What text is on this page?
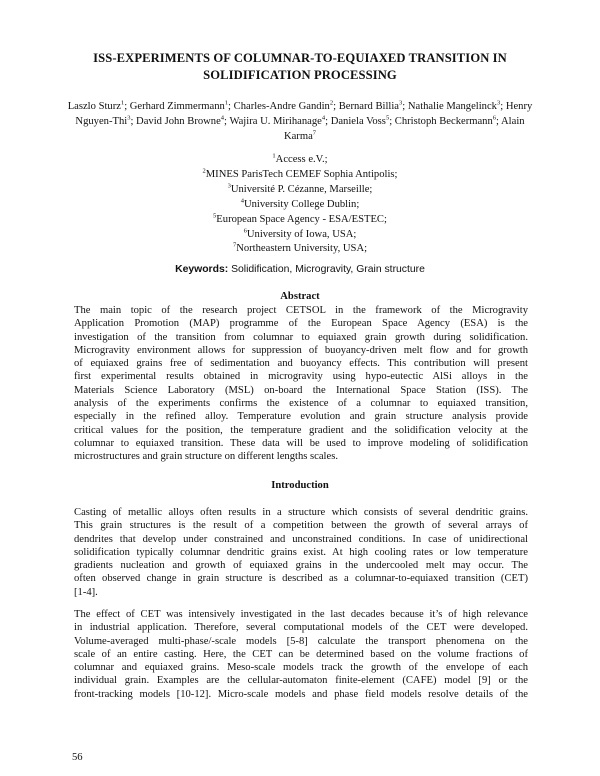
ISS-EXPERIMENTS OF COLUMNAR-TO-EQUIAXED TRANSITION IN
SOLIDIFICATION PROCESSING
Laszlo Sturz$^1$; Gerhard Zimmermann$^1$; Charles-Andre Gandin$^2$; Bernard Billia$^3$; Nathalie Mangelinck$^3$; Henry Nguyen-Thi$^3$; David John Browne$^4$; Wajira U. Mirihanage$^4$; Daniela Voss$^5$; Christoph Beckermann$^6$; Alain Karma$^7$
$^1$Access e.V.;
$^2$MINES ParisTech CEMEF Sophia Antipolis;
$^3$Université P. Cézanne, Marseille;
$^4$University College Dublin;
$^5$European Space Agency - ESA/ESTEC;
$^6$University of Iowa, USA;
$^7$Northeastern University, USA;
Keywords: Solidification, Microgravity, Grain structure
Abstract
The main topic of the research project CETSOL in the framework of the Microgravity
Application Promotion (MAP) programme of the European Space Agency (ESA) is the
investigation of the transition from columnar to equiaxed grain growth during solidification.
Microgravity environment allows for suppression of buoyancy-driven melt flow and for growth
of equiaxed grains free of sedimentation and buoyancy effects. This contribution will present
first experimental results obtained in microgravity using hypo-eutectic AlSi alloys in the
Materials Science Laboratory (MSL) on-board the International Space Station (ISS). The
analysis of the experiments confirms the existence of a columnar to equiaxed transition,
especially in the refined alloy. Temperature evolution and grain structure analysis provide
critical values for the position, the temperature gradient and the solidification velocity at the
columnar to equiaxed transition. These data will be used to improve modeling of solidification
microstructures and grain structure on different lengths scales.
Introduction
Casting of metallic alloys often results in a structure which consists of several dendritic grains.
This grain structures is the result of a competition between the growth of several arrays of
dendrites that develop under constrained and unconstrained conditions. In case of unidirectional
solidification typically columnar dendritic grains exist. At high cooling rates or low temperature
gradients nucleation and growth of equiaxed grains in the undercooled melt may occur. The
often observed change in grain structure is described as a columnar-to-equiaxed transition (CET)
[1-4].
The effect of CET was intensively investigated in the last decades because it’s of high relevance
in industrial application. Therefore, several computational models of the CET were developed.
Volume-averaged multi-phase/-scale models [5-8] calculate the transport phenomena on the
scale of an entire casting. Here, the CET can be determined based on the volume fractions of
columnar and equiaxed grains. Meso-scale models track the growth of the envelope of each
individual grain. Examples are the cellular-automaton finite-element (CAFE) model [9] or the
front-tracking models [10-12]. Micro-scale models and phase field models resolve details of the
56
